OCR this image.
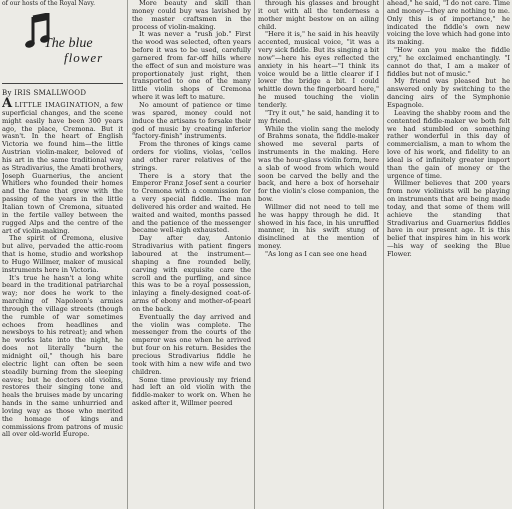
of our hosts of the Royal Navy.
The blue
flower
By IRIS SMALLWOOD

A LITTLE IMAGINATION, a few superficial changes, and the scene might easily have been 300 years ago, the place, Cremona. But it wasn't. In the heart of English Victoria we found him—the little Austrian violin-maker, beloved of his art in the same traditional way as Stradivarius, the Amati brothers, Joseph Guarnerius, the ancient Whitlers who founded their homes and the fame that grew with the passing of the years in the little Italian town of Cremona, situated in the fertile valley between the rugged Alps and the centre of the art of violin-making.

The spirit of Cremona, elusive but alive, pervaded the attic-room that is home, studio and workshop to Hugo Willmer, maker of musical instruments here in Victoria.

It's true he hasn't a long white beard in the traditional patriarchal way; nor does he work to the marching of Napoleon's armies through the village streets (though the rumble of war sometimes echoes from headlines and newsboys to his retreat); and when he works late into the night, he does not literally "burn the midnight oil," though his bare electric light can often be seen steadily burning from the sleeping eaves; but he doctors old violins, restores their singing tone and heals the bruises made by uncaring hands in the same unhurried and loving way as those who merited the homage of kings and commissions from patrons of music all over old-world Europe.

More beauty and skill than money could buy was lavished by the master craftsmen in the process of violin-making.

It was never a "rush job." First the wood was selected, often years before it was to be used, carefully garnered from far-off hills where the effect of sun and moisture was proportionately just right, then transported to one of the many little violin shops of Cremona where it was left to mature.

No amount of patience or time was spared, money could not induce the artisans to forsake their god of music by creating inferior "factory-finish" instruments.

From the thrones of kings came orders for violins, violas, 'cellos and other rarer relatives of the strings.

There is a story that the Emperor Franz Josef sent a courier to Cremona with a commission for a very special fiddle. The man delivered his order and waited. He waited and waited, months passed and the patience of the messenger became well-nigh exhausted.

Day after day, Antonio Stradivarius with patient fingers laboured at the instrument—shaping a fine rounded belly, carving with exquisite care the scroll and the purfling, and since this was to be a royal possession, inlaying a finely-designed coat-of-arms of ebony and mother-of-pearl on the back.

Eventually the day arrived and the violin was complete. The messenger from the courts of the emperor was one when he arrived but four on his return. Besides the precious Stradivarius fiddle he took with him a new wife and two children.

Some time previously my friend had left an old violin with the fiddle-maker to work on. When he asked after it, Willmer peered

through his glasses and brought it out with all the tenderness a mother might bestow on an ailing child.

"Here it is," he said in his heavily accented, musical voice, "it was a very sick fiddle. But its singing a bit now"—here his eyes reflected the anxiety in his heart—"I think its voice would be a little clearer if I lower the bridge a bit. I could whittle down the fingerboard here," he mused touching the violin tenderly.

"Try it out," he said, handing it to my friend.

While the violin sang the melody of Brahms sonata, the fiddle-maker showed me several parts of instruments in the making. Here was the hour-glass violin form, here a slab of wood from which would soon be carved the belly and the back, and here a box of horsehair for the violin's close companion, the bow.

Willmer did not need to tell me he was happy through he did. It showed in his face, in his unruffled manner, in his swift stung of disinclined at the mention of money.

"As long as I can see one head

ahead," he said, "I do not care. Time and money—they are nothing to me. Only this is of importance," he indicated the fiddle's own new voicing the love which had gone into its making.

"How can you make the fiddle cry," he exclaimed enchantingly. "I cannot do that, I am a maker of fiddles but not of music."

My friend was pleased but he answered only by switching to the dancing airs of the Symphonie Espagnole.

Leaving the shabby room and the contented fiddle-maker we both felt we had stumbled on something rather wonderful in this day of commercialism, a man to whom the love of his work, and fidelity to an ideal is of infinitely greater import than the gain of money or the urgence of time.

Willmer believes that 200 years from now violinists will be playing on instruments that are being made today, and that some of them will achieve the standing that Stradivarius and Guarnerius fiddles have in our present age. It is this belief that inspires him in his work—his way of seeking the Blue Flower.
